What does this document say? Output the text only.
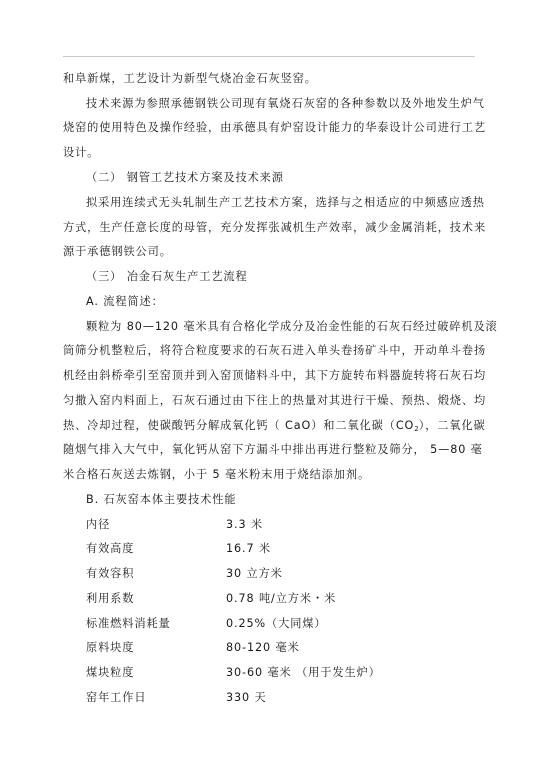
和阜新煤，工艺设计为新型气烧冶金石灰竖窑。
技术来源为参照承德钢铁公司现有氧烧石灰窑的各种参数以及外地发生炉气
烧窑的使用特色及操作经验，由承德具有炉窑设计能力的华泰设计公司进行工艺
设计。
（二） 钢管工艺技术方案及技术来源
拟采用连续式无头轧制生产工艺技术方案，选择与之相适应的中频感应透热
方式，生产任意长度的母管，充分发挥张减机生产效率，减少金属消耗，技术来
源于承德钢铁公司。
（三） 冶金石灰生产工艺流程
A. 流程简述：
颗粒为 80—120 毫米具有合格化学成分及冶金性能的石灰石经过破碎机及滚
筒筛分机整粒后，将符合粒度要求的石灰石进入单头卷扬矿斗中，开动单斗卷扬
机经由斜桥牵引至窑顶并到入窑顶储料斗中，其下方旋转布料器旋转将石灰石均
匀撒入窑内料面上，石灰石通过由下往上的热量对其进行干燥、预热、煅烧、均
热、冷却过程，使碳酸钙分解成氧化钙（ CaO）和二氧化碳$(CO_2)$，二氧化碳
随烟气排入大气中，氧化钙从窑下方漏斗中排出再进行整粒及筛分， 5—80 毫
米合格石灰送去炼钢，小于 5 毫米粉末用于烧结添加剂。
B. 石灰窑本体主要技术性能
内径	3.3 米
有效高度	16.7 米
有效容积	30 立方米
利用系数	0.78 吨/立方米・米
标准燃料消耗量	0.25%（大同煤）
原料块度	80-120 毫米
煤块粒度	30-60 毫米 （用于发生炉）
窑年工作日	330 天
